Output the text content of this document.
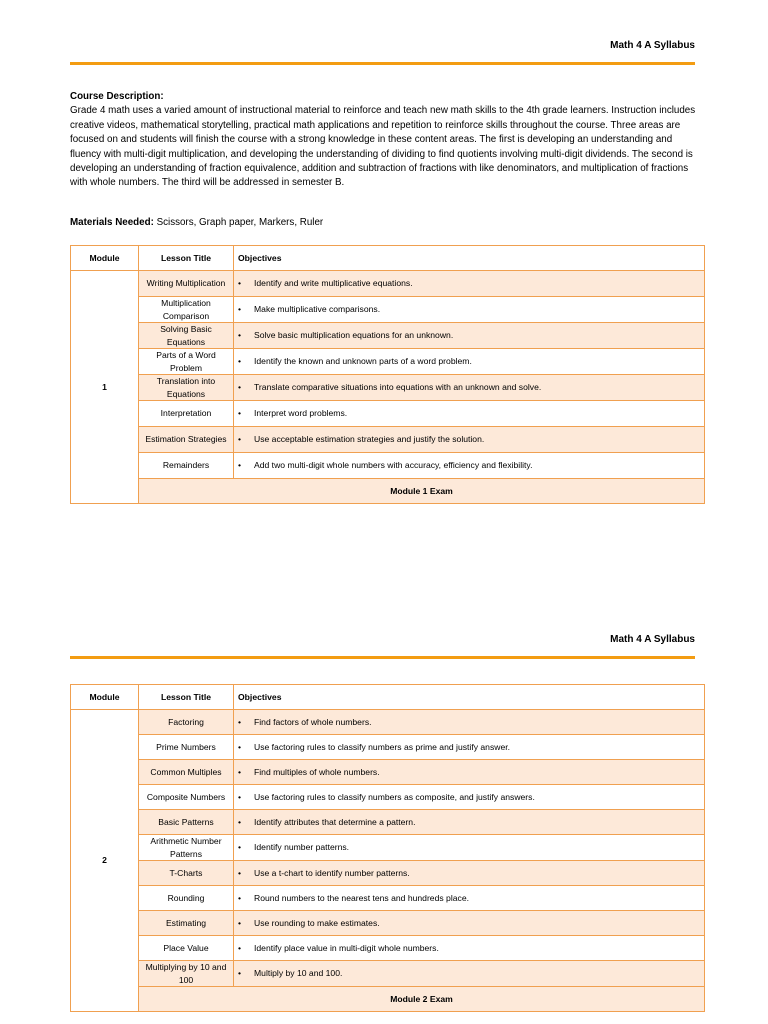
Math 4 A Syllabus
Course Description:
Grade 4 math uses a varied amount of instructional material to reinforce and teach new math skills to the 4th grade learners. Instruction includes creative videos, mathematical storytelling, practical math applications and repetition to reinforce skills throughout the course. Three areas are focused on and students will finish the course with a strong knowledge in these content areas. The first is developing an understanding and fluency with multi-digit multiplication, and developing the understanding of dividing to find quotients involving multi-digit dividends. The second is developing an understanding of fraction equivalence, addition and subtraction of fractions with like denominators, and multiplication of fractions with whole numbers. The third will be addressed in semester B.
Materials Needed: Scissors, Graph paper, Markers, Ruler
Module	Lesson Title	Objectives
1	Writing Multiplication	• Identify and write multiplicative equations.
	Multiplication Comparison	• Make multiplicative comparisons.
	Solving Basic Equations	• Solve basic multiplication equations for an unknown.
	Parts of a Word Problem	• Identify the known and unknown parts of a word problem.
	Translation into Equations	• Translate comparative situations into equations with an unknown and solve.
	Interpretation	• Interpret word problems.
	Estimation Strategies	• Use acceptable estimation strategies and justify the solution.
	Remainders	• Add two multi-digit whole numbers with accuracy, efficiency and flexibility.
	Module 1 Exam	
Math 4 A Syllabus
Module	Lesson Title	Objectives
2	Factoring	• Find factors of whole numbers.
	Prime Numbers	• Use factoring rules to classify numbers as prime and justify answer.
	Common Multiples	• Find multiples of whole numbers.
	Composite Numbers	• Use factoring rules to classify numbers as composite, and justify answers.
	Basic Patterns	• Identify attributes that determine a pattern.
	Arithmetic Number Patterns	• Identify number patterns.
	T-Charts	• Use a t-chart to identify number patterns.
	Rounding	• Round numbers to the nearest tens and hundreds place.
	Estimating	• Use rounding to make estimates.
	Place Value	• Identify place value in multi-digit whole numbers.
	Multiplying by 10 and 100	• Multiply by 10 and 100.
	Module 2 Exam	
